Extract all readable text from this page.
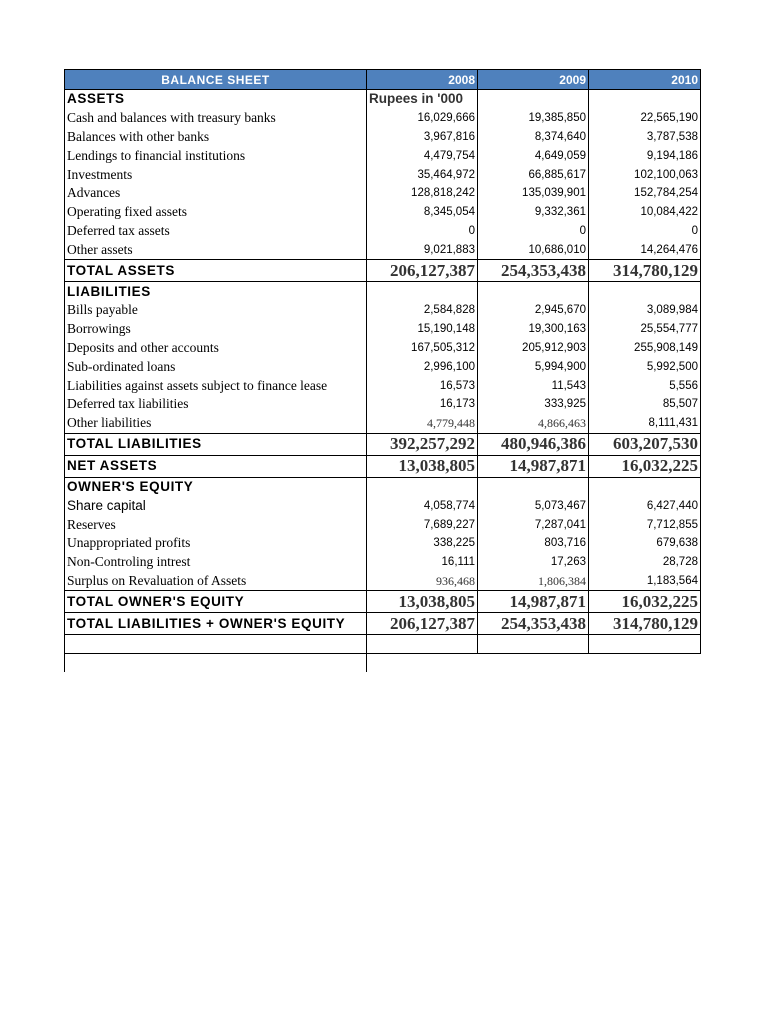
BALANCE SHEET	2008	2009	2010
ASSETS	Rupees in '000		
Cash and balances with treasury banks	16,029,666	19,385,850	22,565,190
Balances with other banks	3,967,816	8,374,640	3,787,538
Lendings to financial institutions	4,479,754	4,649,059	9,194,186
Investments	35,464,972	66,885,617	102,100,063
Advances	128,818,242	135,039,901	152,784,254
Operating fixed assets	8,345,054	9,332,361	10,084,422
Deferred tax assets	0	0	0
Other assets	9,021,883	10,686,010	14,264,476
TOTAL ASSETS	206,127,387	254,353,438	314,780,129
LIABILITIES			
Bills payable	2,584,828	2,945,670	3,089,984
Borrowings	15,190,148	19,300,163	25,554,777
Deposits and other accounts	167,505,312	205,912,903	255,908,149
Sub-ordinated loans	2,996,100	5,994,900	5,992,500
Liabilities against assets subject to finance lease	16,573	11,543	5,556
Deferred tax liabilities	16,173	333,925	85,507
Other liabilities	4,779,448	4,866,463	8,111,431
TOTAL LIABILITIES	392,257,292	480,946,386	603,207,530
NET ASSETS	13,038,805	14,987,871	16,032,225
OWNER'S EQUITY			
Share capital	4,058,774	5,073,467	6,427,440
Reserves	7,689,227	7,287,041	7,712,855
Unappropriated profits	338,225	803,716	679,638
Non-Controling intrest	16,111	17,263	28,728
Surplus on Revaluation of Assets	936,468	1,806,384	1,183,564
TOTAL OWNER'S EQUITY	13,038,805	14,987,871	16,032,225
TOTAL LIABILITIES + OWNER'S EQUITY	206,127,387	254,353,438	314,780,129
